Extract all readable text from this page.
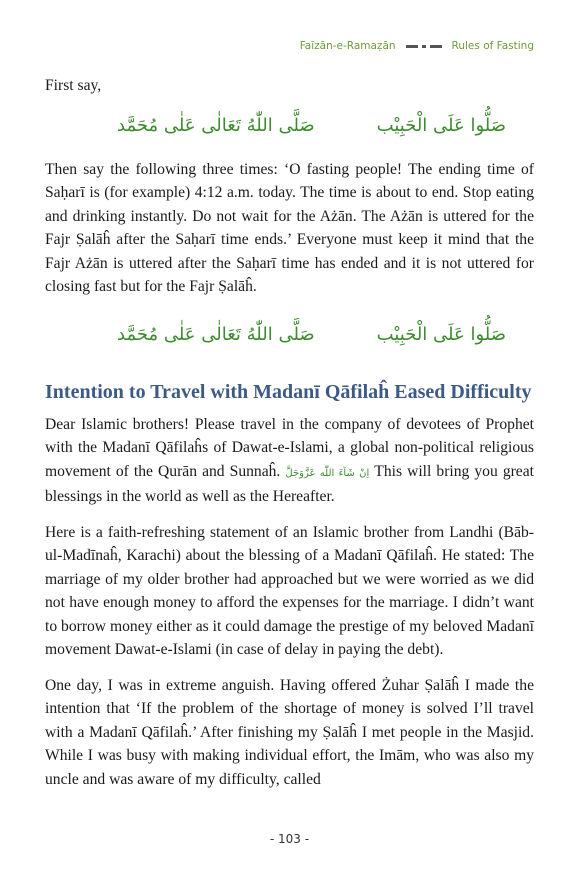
Faīzān-e-Ramaẓān	Rules of Fasting

First say,

صَلَّى اللّٰهُ تَعَالٰى عَلٰى مُحَمَّد	صَلُّوا عَلَى الْحَبِيْب

Then say the following three times: ‘O fasting people! The ending time of Saḥarī is (for example) 4:12 a.m. today. The time is about to end. Stop eating and drinking instantly. Do not wait for the Ażān. The Ażān is uttered for the Fajr Ṣalāĥ after the Saḥarī time ends.’ Everyone must keep it mind that the Fajr Ażān is uttered after the Saḥarī time has ended and it is not uttered for closing fast but for the Fajr Ṣalāĥ.

صَلَّى اللّٰهُ تَعَالٰى عَلٰى مُحَمَّد	صَلُّوا عَلَى الْحَبِيْب
Intention to Travel with Madanī Qāfilaĥ Eased Difficulty

Dear Islamic brothers! Please travel in the company of devotees of Prophet with the Madanī Qāfilaĥs of Dawat-e-Islami, a global non-political religious movement of the Qurān and Sunnaĥ. اِنْ شَآءَ اللّٰه عَزَّوَجَلَّ This will bring you great blessings in the world as well as the Hereafter.

Here is a faith-refreshing statement of an Islamic brother from Landhi (Bāb-ul-Madīnaĥ, Karachi) about the blessing of a Madanī Qāfilaĥ. He stated: The marriage of my older brother had approached but we were worried as we did not have enough money to afford the expenses for the marriage. I didn’t want to borrow money either as it could damage the prestige of my beloved Madanī movement Dawat-e-Islami (in case of delay in paying the debt).

One day, I was in extreme anguish. Having offered Żuhar Ṣalāĥ I made the intention that ‘If the problem of the shortage of money is solved I’ll travel with a Madanī Qāfilaĥ.’ After finishing my Ṣalāĥ I met people in the Masjid. While I was busy with making individual effort, the Imām, who was also my uncle and was aware of my difficulty, called

- 103 -
